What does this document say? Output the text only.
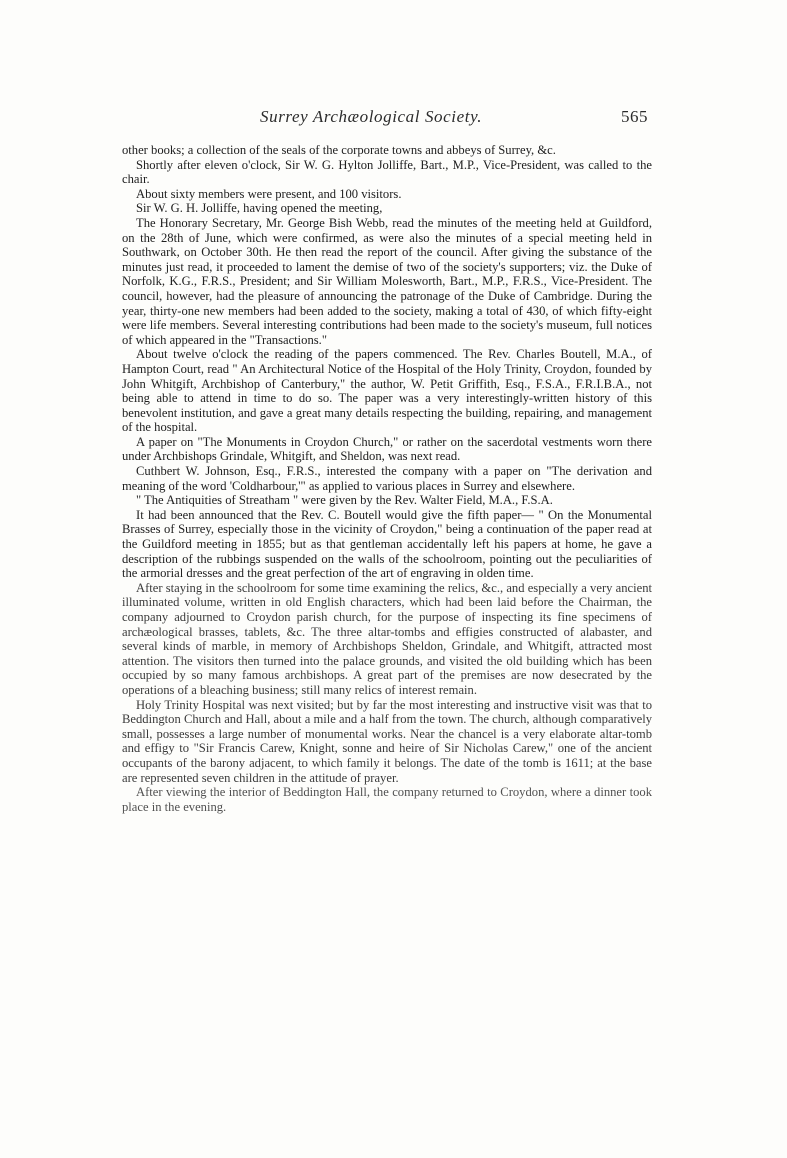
Surrey Archæological Society.	565

other books; a collection of the seals of the corporate towns and abbeys of Surrey, &c.

Shortly after eleven o'clock, Sir W. G. Hylton Jolliffe, Bart., M.P., Vice-President, was called to the chair.

About sixty members were present, and 100 visitors.

Sir W. G. H. Jolliffe, having opened the meeting,

The Honorary Secretary, Mr. George Bish Webb, read the minutes of the meeting held at Guildford, on the 28th of June, which were confirmed, as were also the minutes of a special meeting held in Southwark, on October 30th. He then read the report of the council. After giving the substance of the minutes just read, it proceeded to lament the demise of two of the society's supporters; viz. the Duke of Norfolk, K.G., F.R.S., President; and Sir William Molesworth, Bart., M.P., F.R.S., Vice-President. The council, however, had the pleasure of announcing the patronage of the Duke of Cambridge. During the year, thirty-one new members had been added to the society, making a total of 430, of which fifty-eight were life members. Several interesting contributions had been made to the society's museum, full notices of which appeared in the "Transactions."

About twelve o'clock the reading of the papers commenced. The Rev. Charles Boutell, M.A., of Hampton Court, read " An Architectural Notice of the Hospital of the Holy Trinity, Croydon, founded by John Whitgift, Archbishop of Canterbury," the author, W. Petit Griffith, Esq., F.S.A., F.R.I.B.A., not being able to attend in time to do so. The paper was a very interestingly-written history of this benevolent institution, and gave a great many details respecting the building, repairing, and management of the hospital.

A paper on "The Monuments in Croydon Church," or rather on the sacerdotal vestments worn there under Archbishops Grindale, Whitgift, and Sheldon, was next read.

Cuthbert W. Johnson, Esq., F.R.S., interested the company with a paper on "The derivation and meaning of the word 'Coldharbour,'" as applied to various places in Surrey and elsewhere.

" The Antiquities of Streatham " were given by the Rev. Walter Field, M.A., F.S.A.

It had been announced that the Rev. C. Boutell would give the fifth paper— " On the Monumental Brasses of Surrey, especially those in the vicinity of Croydon," being a continuation of the paper read at the Guildford meeting in 1855; but as that gentleman accidentally left his papers at home, he gave a description of the rubbings suspended on the walls of the schoolroom, pointing out the peculiarities of the armorial dresses and the great perfection of the art of engraving in olden time.

After staying in the schoolroom for some time examining the relics, &c., and especially a very ancient illuminated volume, written in old English characters, which had been laid before the Chairman, the company adjourned to Croydon parish church, for the purpose of inspecting its fine specimens of archæological brasses, tablets, &c. The three altar-tombs and effigies constructed of alabaster, and several kinds of marble, in memory of Archbishops Sheldon, Grindale, and Whitgift, attracted most attention. The visitors then turned into the palace grounds, and visited the old building which has been occupied by so many famous archbishops. A great part of the premises are now desecrated by the operations of a bleaching business; still many relics of interest remain.

Holy Trinity Hospital was next visited; but by far the most interesting and instructive visit was that to Beddington Church and Hall, about a mile and a half from the town. The church, although comparatively small, possesses a large number of monumental works. Near the chancel is a very elaborate altar-tomb and effigy to "Sir Francis Carew, Knight, sonne and heire of Sir Nicholas Carew," one of the ancient occupants of the barony adjacent, to which family it belongs. The date of the tomb is 1611; at the base are represented seven children in the attitude of prayer.

After viewing the interior of Beddington Hall, the company returned to Croydon, where a dinner took place in the evening.
